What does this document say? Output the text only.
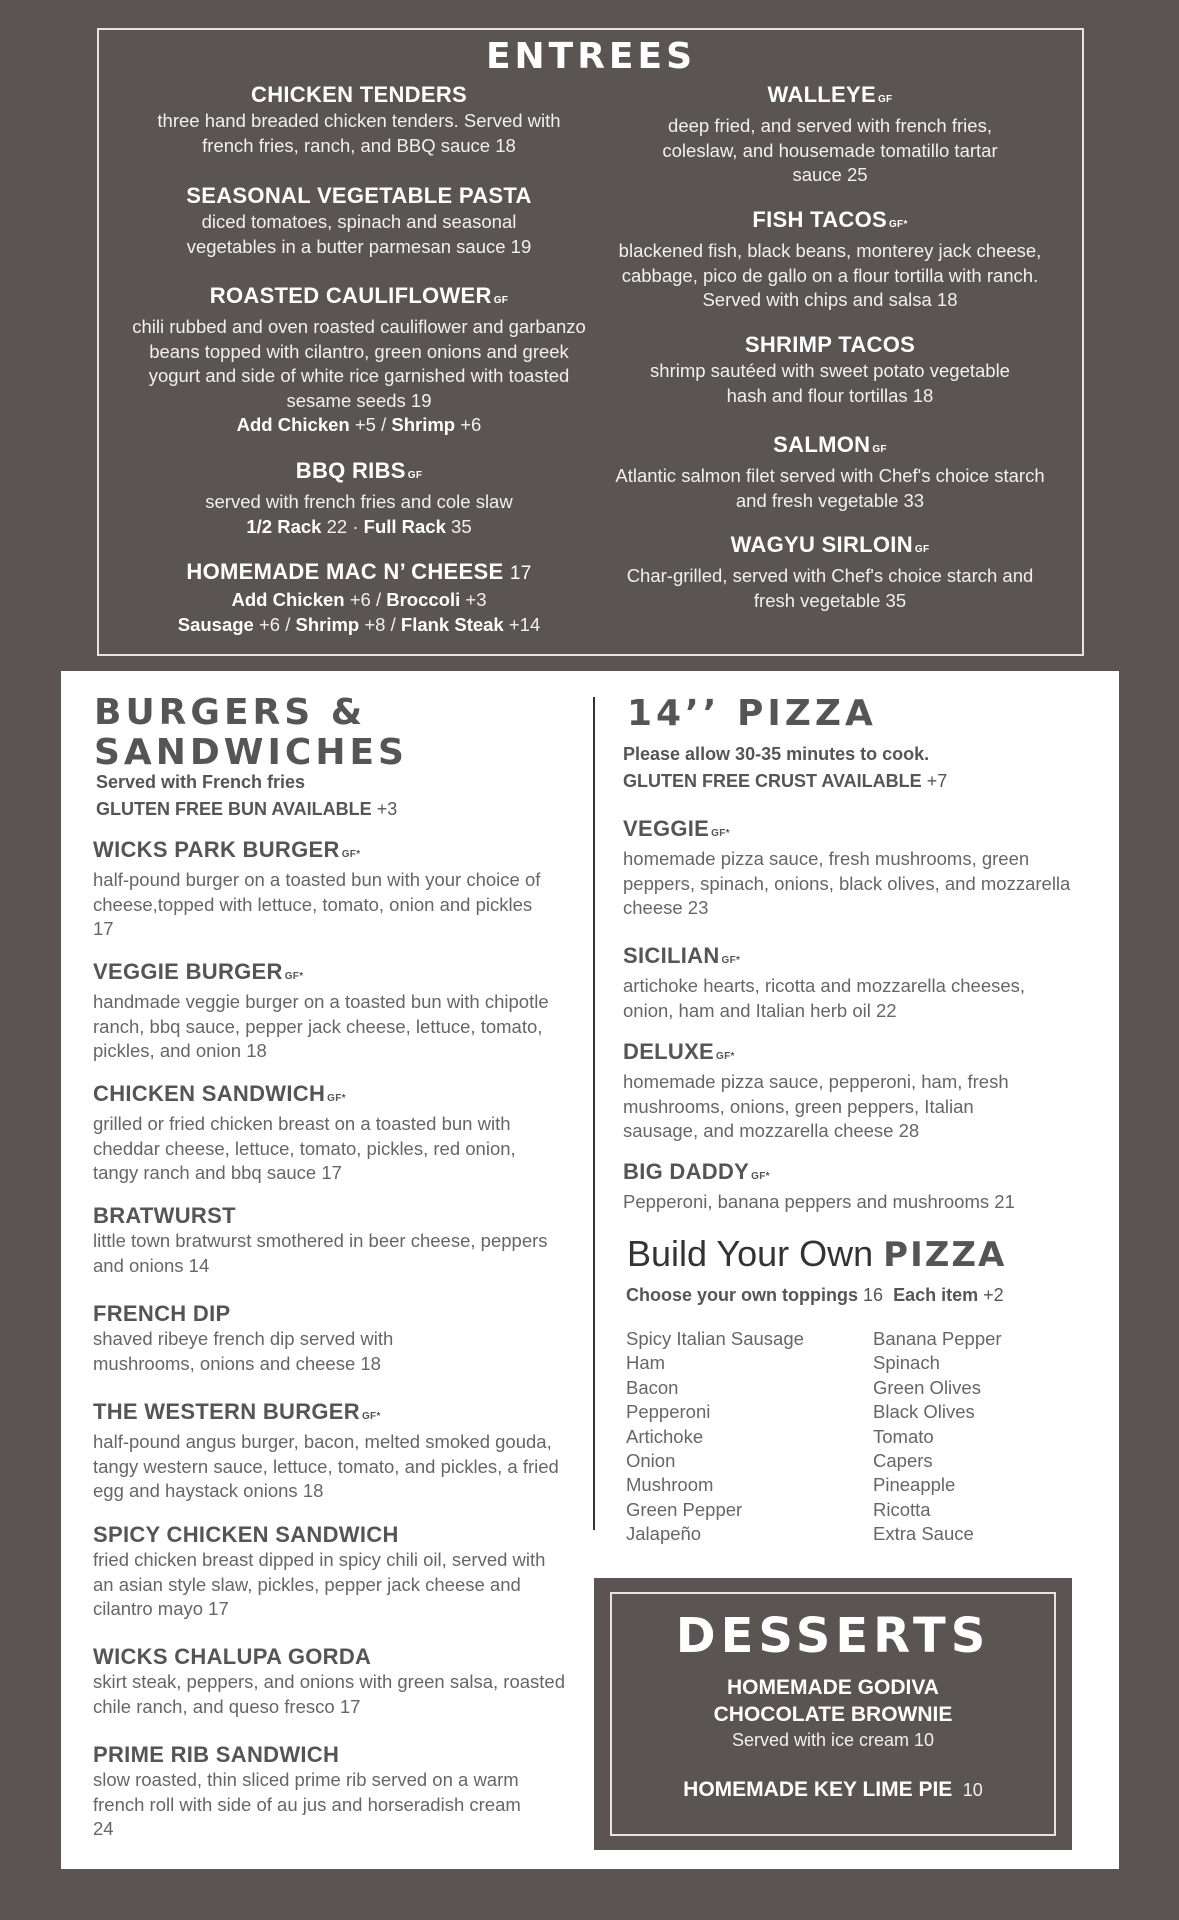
ENTREES
CHICKEN TENDERS
three hand breaded chicken tenders. Served with french fries, ranch, and BBQ sauce 18
SEASONAL VEGETABLE PASTA
diced tomatoes, spinach and seasonal vegetables in a butter parmesan sauce 19
ROASTED CAULIFLOWER GF
chili rubbed and oven roasted cauliflower and garbanzo beans topped with cilantro, green onions and greek yogurt and side of white rice garnished with toasted sesame seeds 19
Add Chicken +5 / Shrimp +6
BBQ RIBS GF
served with french fries and cole slaw
1/2 Rack 22 · Full Rack 35
HOMEMADE MAC N’ CHEESE 17
Add Chicken +6 / Broccoli +3
Sausage +6 / Shrimp +8 / Flank Steak +14
WALLEYE GF
deep fried, and served with french fries, coleslaw, and housemade tomatillo tartar sauce 25
FISH TACOS GF*
blackened fish, black beans, monterey jack cheese, cabbage, pico de gallo on a flour tortilla with ranch. Served with chips and salsa 18
SHRIMP TACOS
shrimp sautéed with sweet potato vegetable hash and flour tortillas 18
SALMON GF
Atlantic salmon filet served with Chef's choice starch and fresh vegetable 33
WAGYU SIRLOIN GF
Char-grilled, served with Chef's choice starch and fresh vegetable 35
BURGERS &
SANDWICHES
Served with French fries
GLUTEN FREE BUN AVAILABLE +3
WICKS PARK BURGER GF*
half-pound burger on a toasted bun with your choice of cheese,topped with lettuce, tomato, onion and pickles 17
VEGGIE BURGER GF*
handmade veggie burger on a toasted bun with chipotle ranch, bbq sauce, pepper jack cheese, lettuce, tomato, pickles, and onion 18
CHICKEN SANDWICH GF*
grilled or fried chicken breast on a toasted bun with cheddar cheese, lettuce, tomato, pickles, red onion, tangy ranch and bbq sauce 17
BRATWURST
little town bratwurst smothered in beer cheese, peppers and onions 14
FRENCH DIP
shaved ribeye french dip served with mushrooms, onions and cheese 18
THE WESTERN BURGER GF*
half-pound angus burger, bacon, melted smoked gouda, tangy western sauce, lettuce, tomato, and pickles, a fried egg and haystack onions 18
SPICY CHICKEN SANDWICH
fried chicken breast dipped in spicy chili oil, served with an asian style slaw, pickles, pepper jack cheese and cilantro mayo 17
WICKS CHALUPA GORDA
skirt steak, peppers, and onions with green salsa, roasted chile ranch, and queso fresco 17
PRIME RIB SANDWICH
slow roasted, thin sliced prime rib served on a warm french roll with side of au jus and horseradish cream 24
14’’ PIZZA
Please allow 30-35 minutes to cook.
GLUTEN FREE CRUST AVAILABLE +7
VEGGIE GF*
homemade pizza sauce, fresh mushrooms, green peppers, spinach, onions, black olives, and mozzarella cheese 23
SICILIAN GF*
artichoke hearts, ricotta and mozzarella cheeses, onion, ham and Italian herb oil 22
DELUXE GF*
homemade pizza sauce, pepperoni, ham, fresh mushrooms, onions, green peppers, Italian sausage, and mozzarella cheese 28
BIG DADDY GF*
Pepperoni, banana peppers and mushrooms 21
Build Your Own PIZZA
Choose your own toppings 16 Each item +2
Spicy Italian Sausage
Ham
Bacon
Pepperoni
Artichoke
Onion
Mushroom
Green Pepper
Jalapeño
Banana Pepper
Spinach
Green Olives
Black Olives
Tomato
Capers
Pineapple
Ricotta
Extra Sauce
DESSERTS
HOMEMADE GODIVA
CHOCOLATE BROWNIE
Served with ice cream 10
HOMEMADE KEY LIME PIE 10
